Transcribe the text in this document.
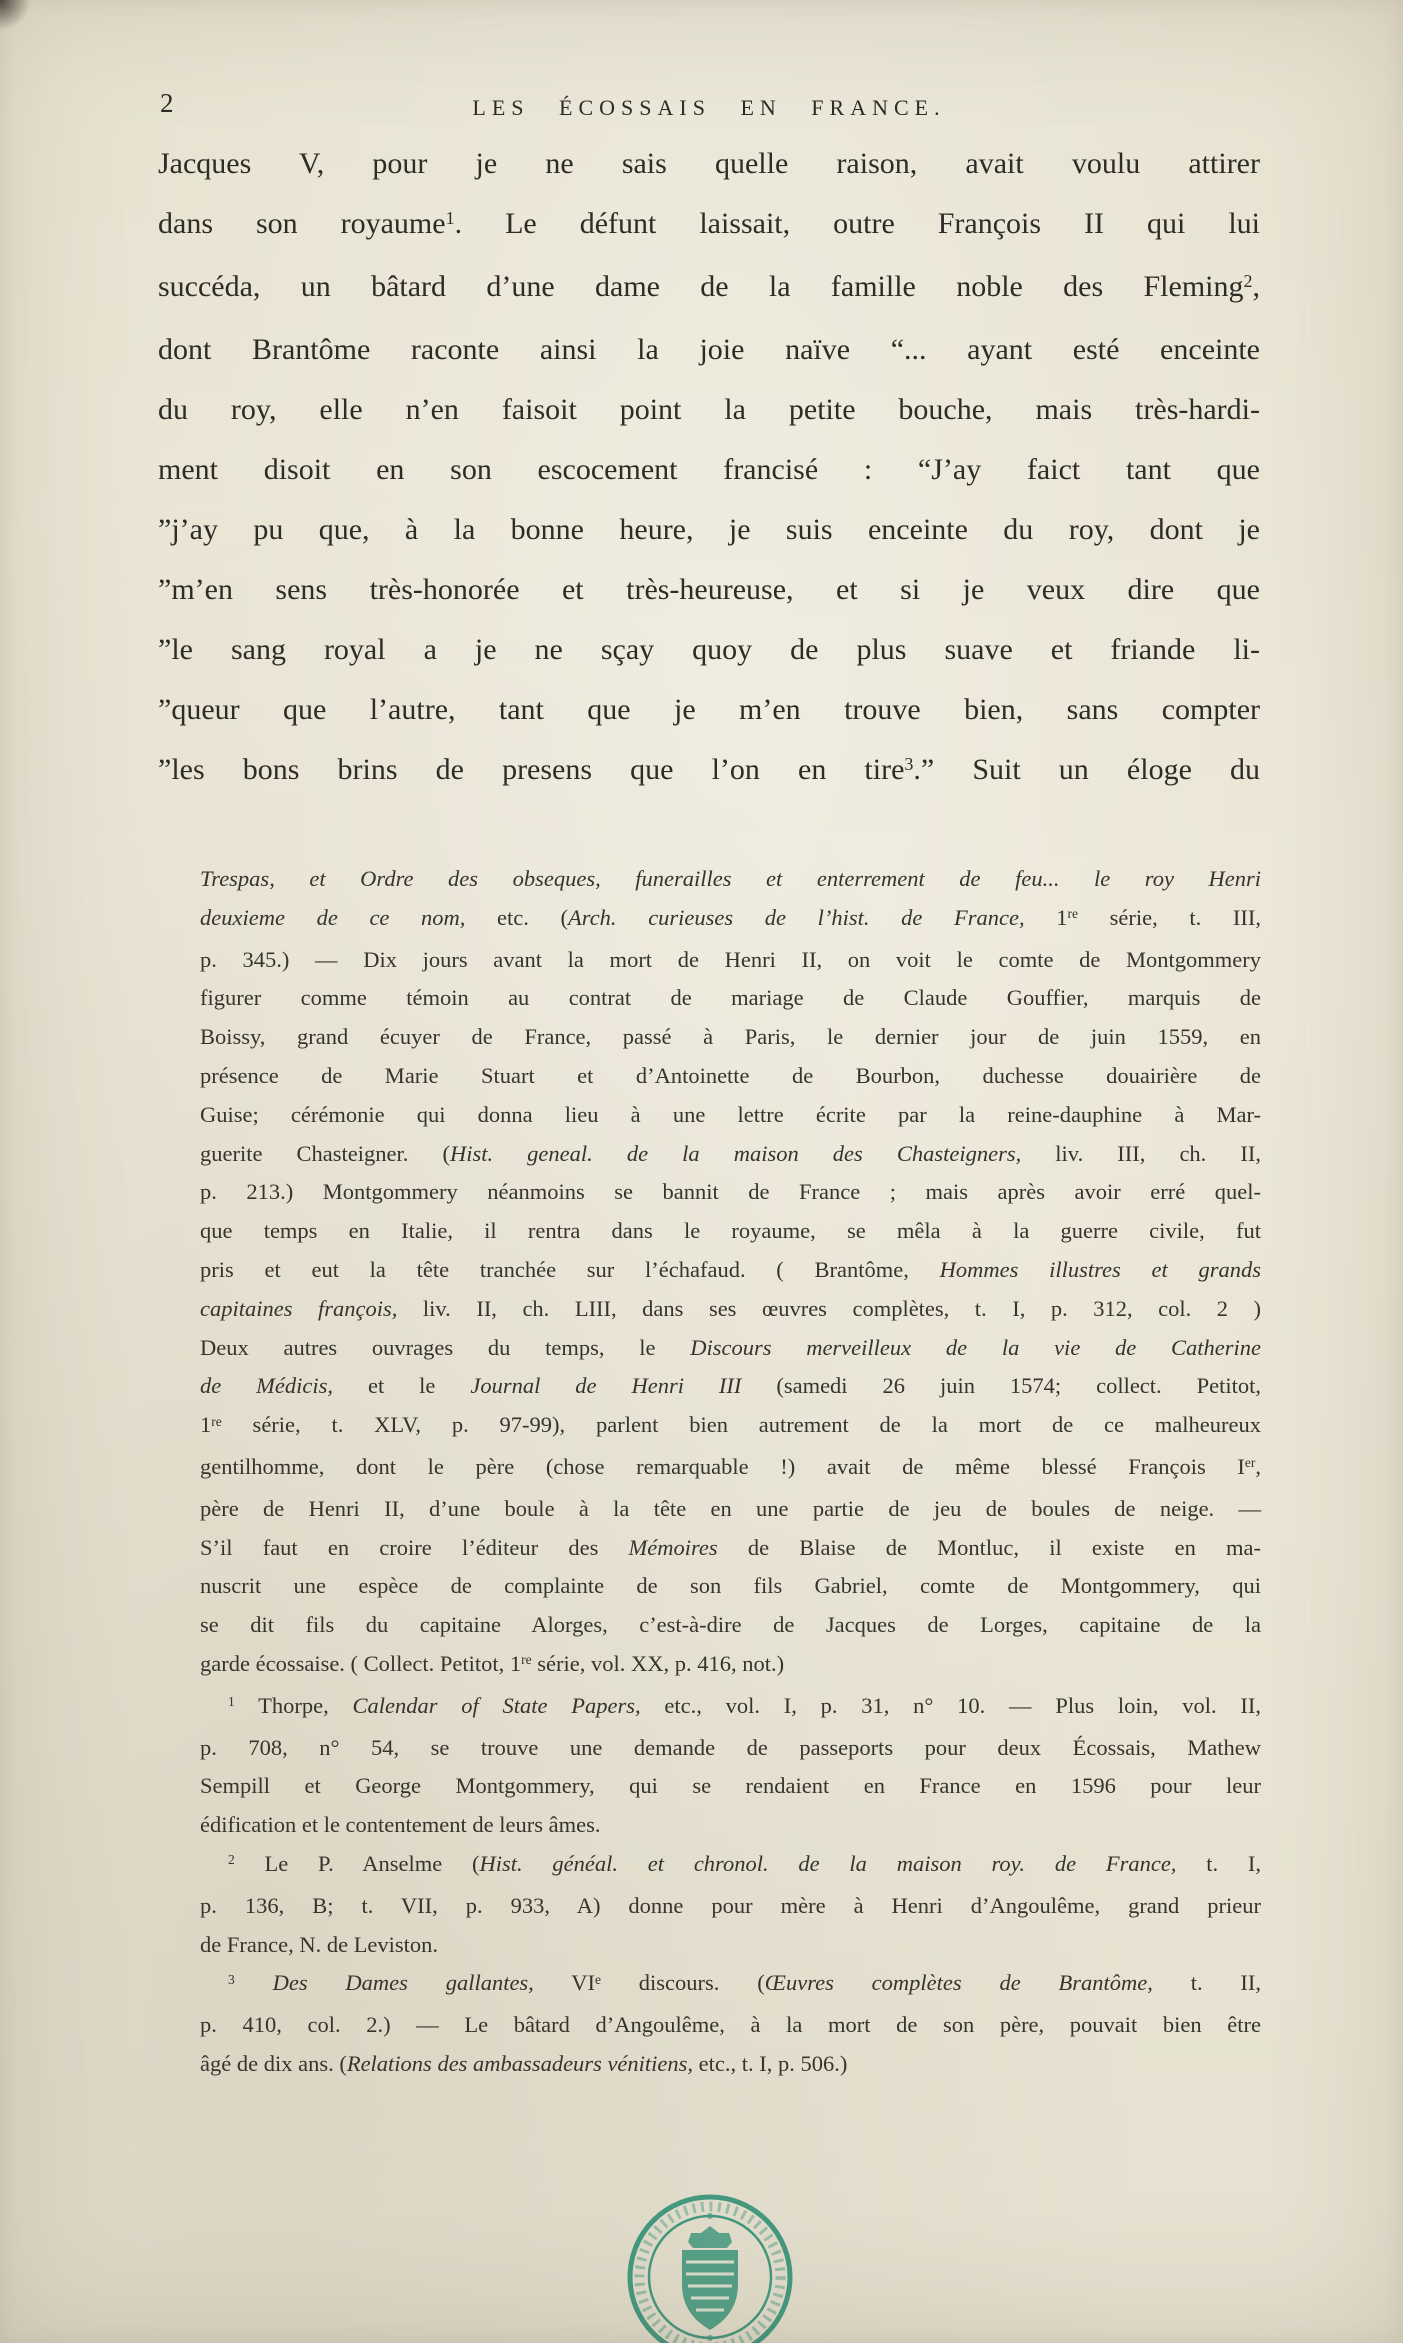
2	LES ÉCOSSAIS EN FRANCE.
Jacques V, pour je ne sais quelle raison, avait voulu attirer
dans son royaume$^1$. Le défunt laissait, outre François II qui lui
succéda, un bâtard d’une dame de la famille noble des Fleming$^2$,
dont Brantôme raconte ainsi la joie naïve “... ayant esté enceinte
du roy, elle n’en faisoit point la petite bouche, mais très-hardi-
ment disoit en son escocement francisé : “J’ay faict tant que
”j’ay pu que, à la bonne heure, je suis enceinte du roy, dont je
”m’en sens très-honorée et très-heureuse, et si je veux dire que
”le sang royal a je ne sçay quoy de plus suave et friande li-
”queur que l’autre, tant que je m’en trouve bien, sans compter
”les bons brins de presens que l’on en tire$^3$.” Suit un éloge du
Trespas, et Ordre des obseques, funerailles et enterrement de feu... le roy Henri
deuxieme de ce nom, etc. (Arch. curieuses de l’hist. de France, 1re série, t. III,
p. 345.) — Dix jours avant la mort de Henri II, on voit le comte de Montgommery
figurer comme témoin au contrat de mariage de Claude Gouffier, marquis de
Boissy, grand écuyer de France, passé à Paris, le dernier jour de juin 1559, en
présence de Marie Stuart et d’Antoinette de Bourbon, duchesse douairière de
Guise; cérémonie qui donna lieu à une lettre écrite par la reine-dauphine à Mar-
guerite Chasteigner. (Hist. geneal. de la maison des Chasteigners, liv. III, ch. II,
p. 213.) Montgommery néanmoins se bannit de France ; mais après avoir erré quel-
que temps en Italie, il rentra dans le royaume, se mêla à la guerre civile, fut
pris et eut la tête tranchée sur l’échafaud. ( Brantôme, Hommes illustres et grands
capitaines françois, liv. II, ch. LIII, dans ses œuvres complètes, t. I, p. 312, col. 2 )
Deux autres ouvrages du temps, le Discours merveilleux de la vie de Catherine
de Médicis, et le Journal de Henri III (samedi 26 juin 1574; collect. Petitot,
1re série, t. XLV, p. 97-99), parlent bien autrement de la mort de ce malheureux
gentilhomme, dont le père (chose remarquable !) avait de même blessé François Ier,
père de Henri II, d’une boule à la tête en une partie de jeu de boules de neige. —
S’il faut en croire l’éditeur des Mémoires de Blaise de Montluc, il existe en ma-
nuscrit une espèce de complainte de son fils Gabriel, comte de Montgommery, qui
se dit fils du capitaine Alorges, c’est-à-dire de Jacques de Lorges, capitaine de la
garde écossaise. ( Collect. Petitot, 1re série, vol. XX, p. 416, not.)
$^1$ Thorpe, Calendar of State Papers, etc., vol. I, p. 31, n° 10. — Plus loin, vol. II,
p. 708, n° 54, se trouve une demande de passeports pour deux Écossais, Mathew
Sempill et George Montgommery, qui se rendaient en France en 1596 pour leur
édification et le contentement de leurs âmes.
$^2$ Le P. Anselme (Hist. généal. et chronol. de la maison roy. de France, t. I,
p. 136, B; t. VII, p. 933, A) donne pour mère à Henri d’Angoulême, grand prieur
de France, N. de Leviston.
$^3$ Des Dames gallantes, VIe discours. (Œuvres complètes de Brantôme, t. II,
p. 410, col. 2.) — Le bâtard d’Angoulême, à la mort de son père, pouvait bien être
âgé de dix ans. (Relations des ambassadeurs vénitiens, etc., t. I, p. 506.)
